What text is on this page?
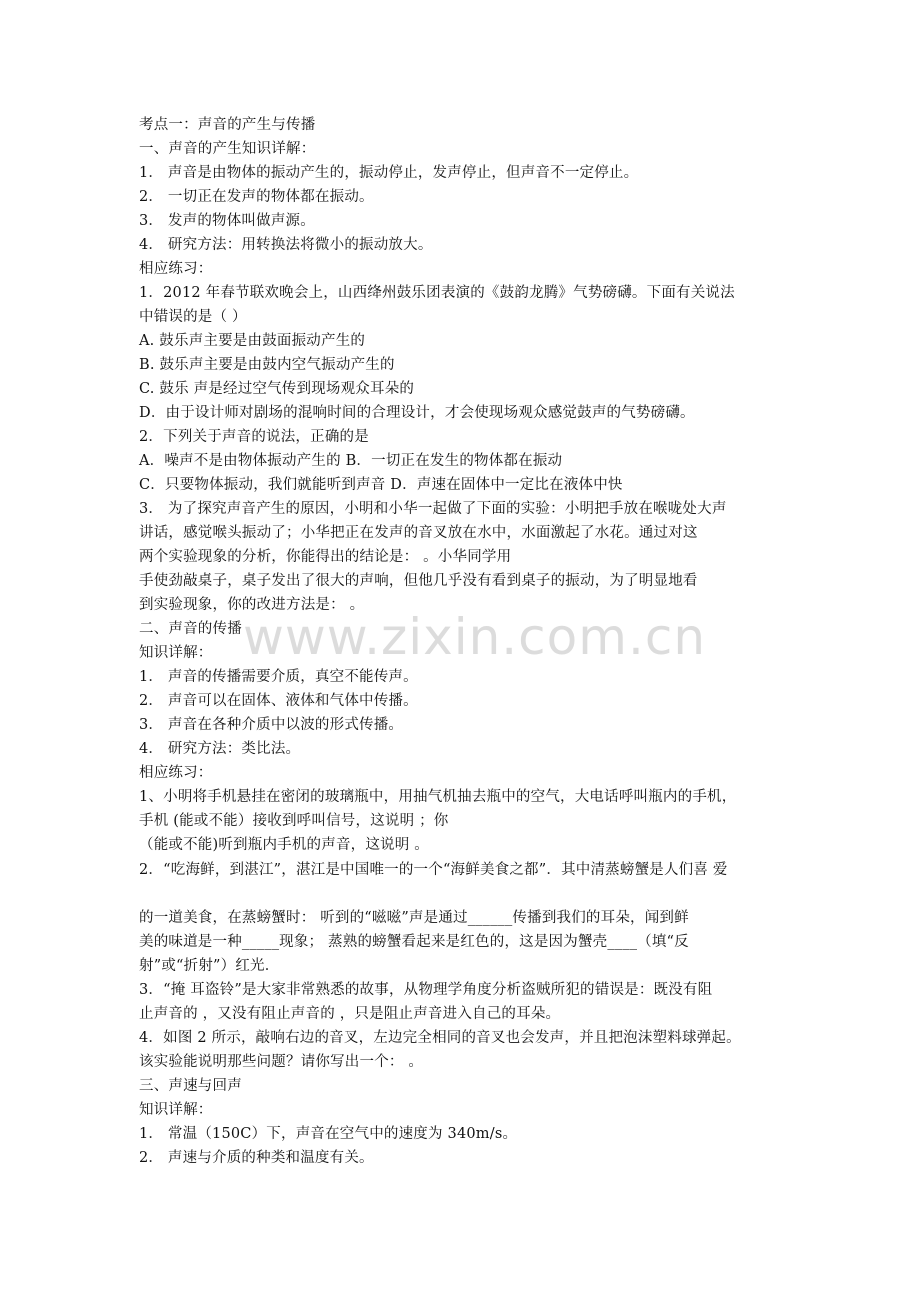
www.zixin.com.cn
考点一：声音的产生与传播
一、声音的产生知识详解：
1． 声音是由物体的振动产生的，振动停止，发声停止，但声音不一定停止。
2． 一切正在发声的物体都在振动。
3． 发声的物体叫做声源。
4． 研究方法：用转换法将微小的振动放大。
相应练习：
1．2012 年春节联欢晚会上，山西绛州鼓乐团表演的《鼓韵龙腾》气势磅礴。下面有关说法
中错误的是（ ）
A. 鼓乐声主要是由鼓面振动产生的
B. 鼓乐声主要是由鼓内空气振动产生的
C. 鼓乐 声是经过空气传到现场观众耳朵的
D．由于设计师对剧场的混响时间的合理设计，才会使现场观众感觉鼓声的气势磅礴。
2．下列关于声音的说法，正确的是
A．噪声不是由物体振动产生的 B．一切正在发生的物体都在振动
C．只要物体振动，我们就能听到声音 D．声速在固体中一定比在液体中快
3． 为了探究声音产生的原因，小明和小华一起做了下面的实验：小明把手放在喉咙处大声
讲话，感觉喉头振动了；小华把正在发声的音叉放在水中，水面激起了水花。通过对这
两个实验现象的分析，你能得出的结论是： 。小华同学用
手使劲敲桌子，桌子发出了很大的声响，但他几乎没有看到桌子的振动，为了明显地看
到实验现象，你的改进方法是： 。
二、声音的传播
知识详解：
1． 声音的传播需要介质，真空不能传声。
2． 声音可以在固体、液体和气体中传播。
3． 声音在各种介质中以波的形式传播。
4． 研究方法：类比法。
相应练习：
1、小明将手机悬挂在密闭的玻璃瓶中，用抽气机抽去瓶中的空气，大电话呼叫瓶内的手机，
手机 (能或不能）接收到呼叫信号，这说明 ；你
（能或不能)听到瓶内手机的声音，这说明 。
2．“吃海鲜，到湛江”，湛江是中国唯一的一个“海鲜美食之都”．其中清蒸螃蟹是人们喜 爱
的一道美食，在蒸螃蟹时： 听到的“嗞嗞”声是通过______传播到我们的耳朵，闻到鲜
美的味道是一种_____现象； 蒸熟的螃蟹看起来是红色的，这是因为蟹壳____（填“反
射”或“折射”）红光．
3．“掩 耳盗铃”是大家非常熟悉的故事，从物理学角度分析盗贼所犯的错误是：既没有阻
止声音的 ，又没有阻止声音的 ，只是阻止声音进入自己的耳朵。
4．如图 2 所示，敲响右边的音叉，左边完全相同的音叉也会发声，并且把泡沫塑料球弹起。
该实验能说明那些问题？请你写出一个： 。
三、声速与回声
知识详解：
1． 常温（150C）下，声音在空气中的速度为 340m/s。
2． 声速与介质的种类和温度有关。
